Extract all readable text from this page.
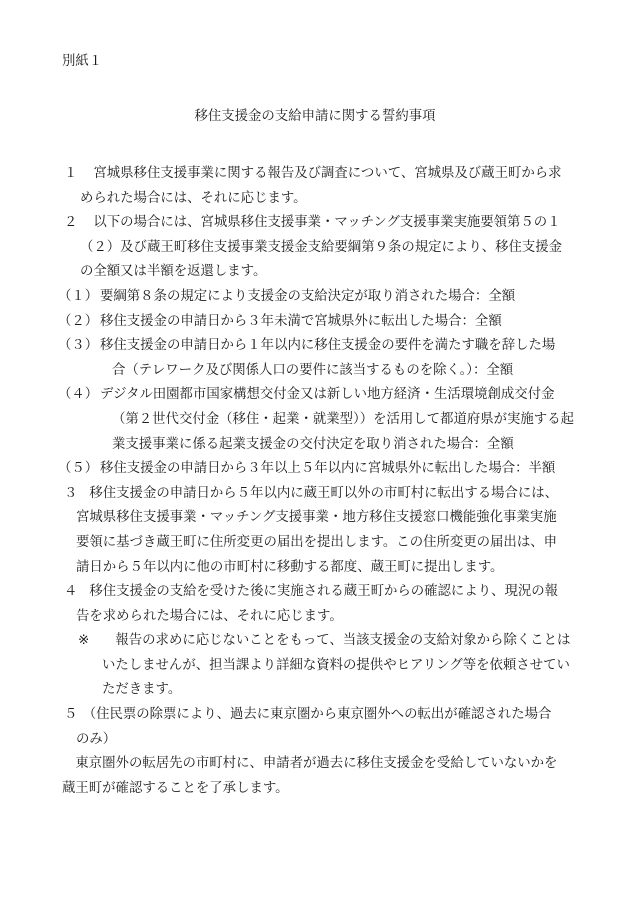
別紙１
移住支援金の支給申請に関する誓約事項
１ 　宮城県移住支援事業に関する報告及び調査について、宮城県及び蔵王町から求
められた場合には、それに応じます。
２ 　以下の場合には、宮城県移住支援事業・マッチング支援事業実施要領第５の１
（２）及び蔵王町移住支援事業支援金支給要綱第９条の規定により、移住支援金
の全額又は半額を返還します。
（１） 要綱第８条の規定により支援金の支給決定が取り消された場合：全額
（２） 移住支援金の申請日から３年未満で宮城県外に転出した場合：全額
（３） 移住支援金の申請日から１年以内に移住支援金の要件を満たす職を辞した場
合（テレワーク及び関係人口の要件に該当するものを除く。）：全額
（４） デジタル田園都市国家構想交付金又は新しい地方経済・生活環境創成交付金
（第２世代交付金（移住・起業・就業型））を活用して都道府県が実施する起
業支援事業に係る起業支援金の交付決定を取り消された場合：全額
（５） 移住支援金の申請日から３年以上５年以内に宮城県外に転出した場合：半額
３
　移住支援金の申請日から５年以内に蔵王町以外の市町村に転出する場合には、
宮城県移住支援事業・マッチング支援事業・地方移住支援窓口機能強化事業実施
要領に基づき蔵王町に住所変更の届出を提出します。この住所変更の届出は、申
請日から５年以内に他の市町村に移動する都度、蔵王町に提出します。
４
　移住支援金の支給を受けた後に実施される蔵王町からの確認により、現況の報
告を求められた場合には、それに応じます。
※ 　報告の求めに応じないことをもって、当該支援金の支給対象から除くことは
いたしませんが、担当課より詳細な資料の提供やヒアリング等を依頼させてい
ただきます。
５
　（住民票の除票により、過去に東京圏から東京圏外への転出が確認された場合
のみ）
　東京圏外の転居先の市町村に、申請者が過去に移住支援金を受給していないかを
蔵王町が確認することを了承します。
